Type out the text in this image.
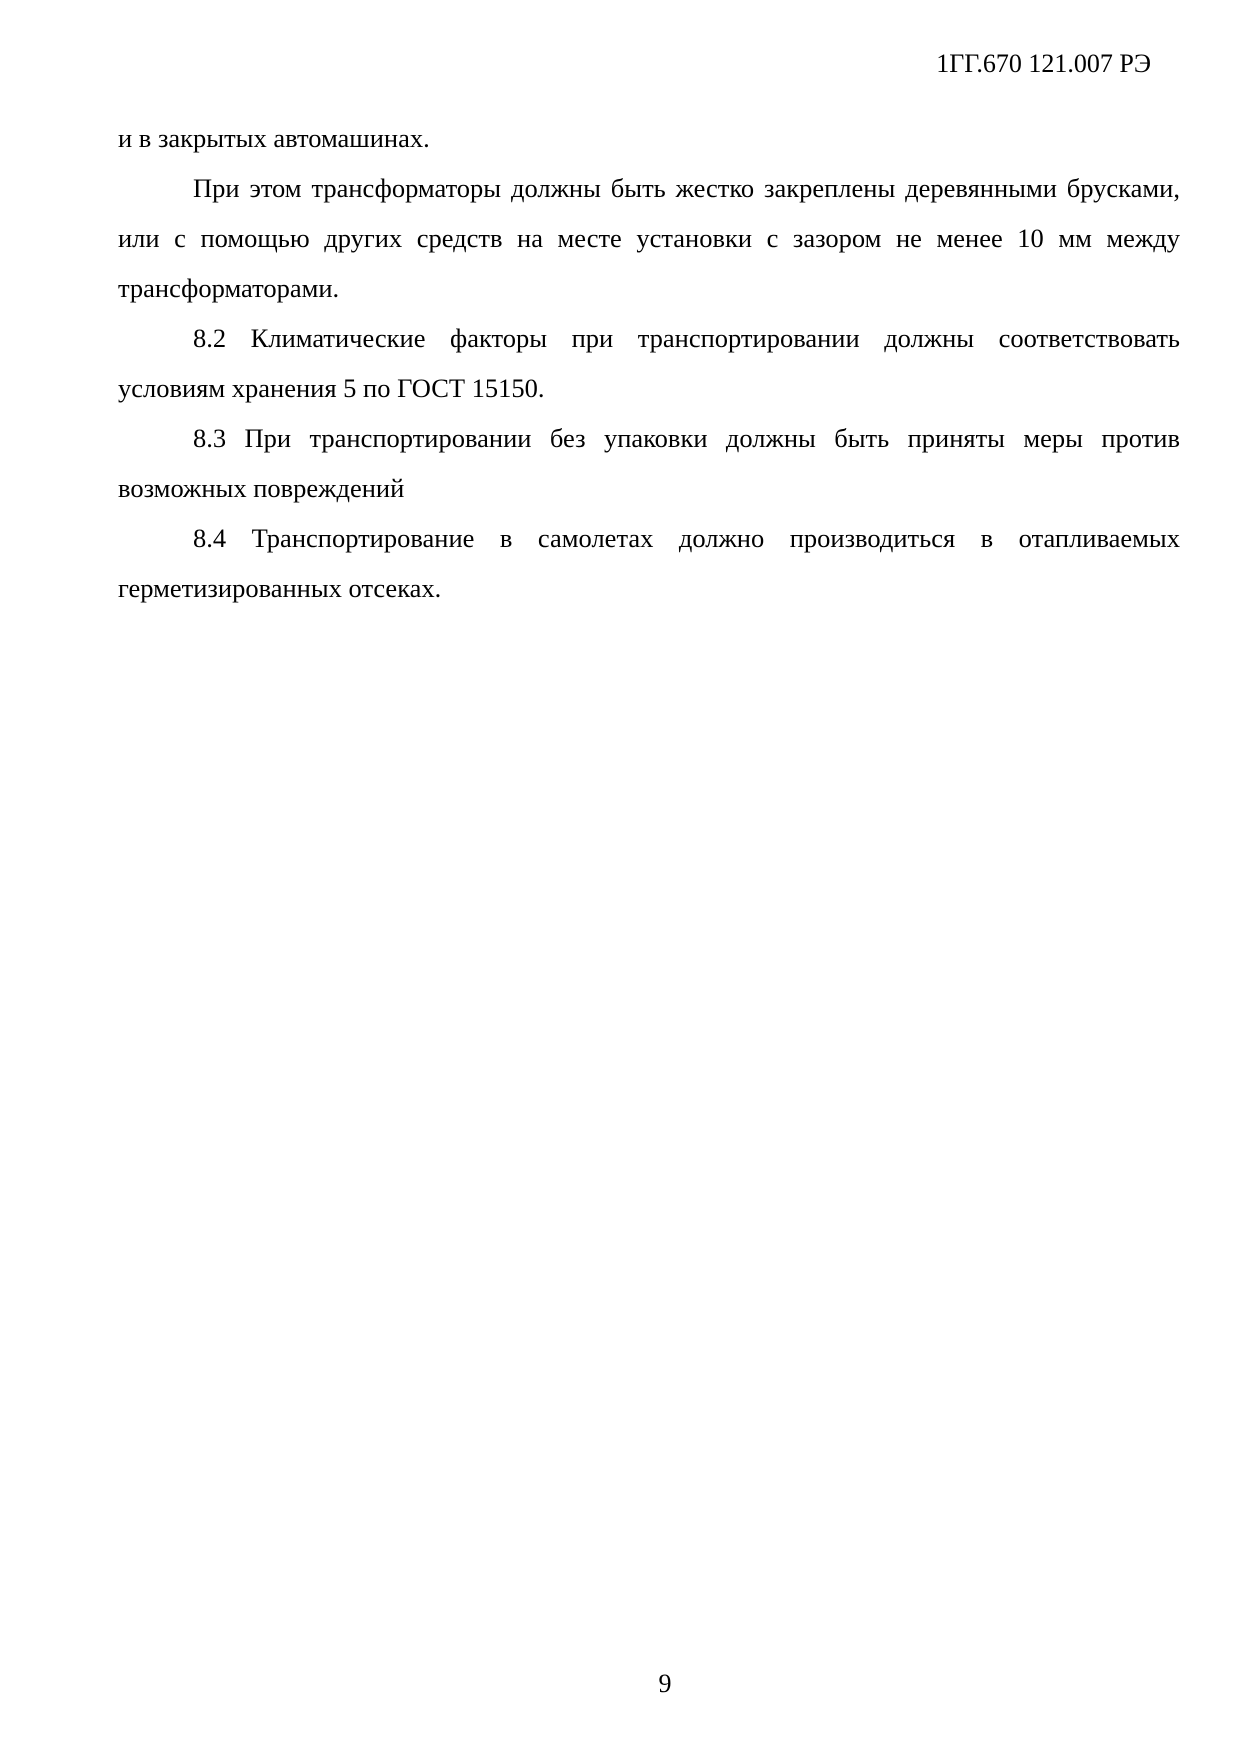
1ГГ.670 121.007 РЭ

и в закрытых автомашинах.

При этом трансформаторы должны быть жестко закреплены деревянными брусками, или с помощью других средств на месте установки с зазором не менее 10 мм между трансформаторами.

8.2 Климатические факторы при транспортировании должны соответствовать условиям хранения 5 по ГОСТ 15150.

8.3 При транспортировании без упаковки должны быть приняты меры против возможных повреждений

8.4 Транспортирование в самолетах должно производиться в отапливаемых герметизированных отсеках.

9
